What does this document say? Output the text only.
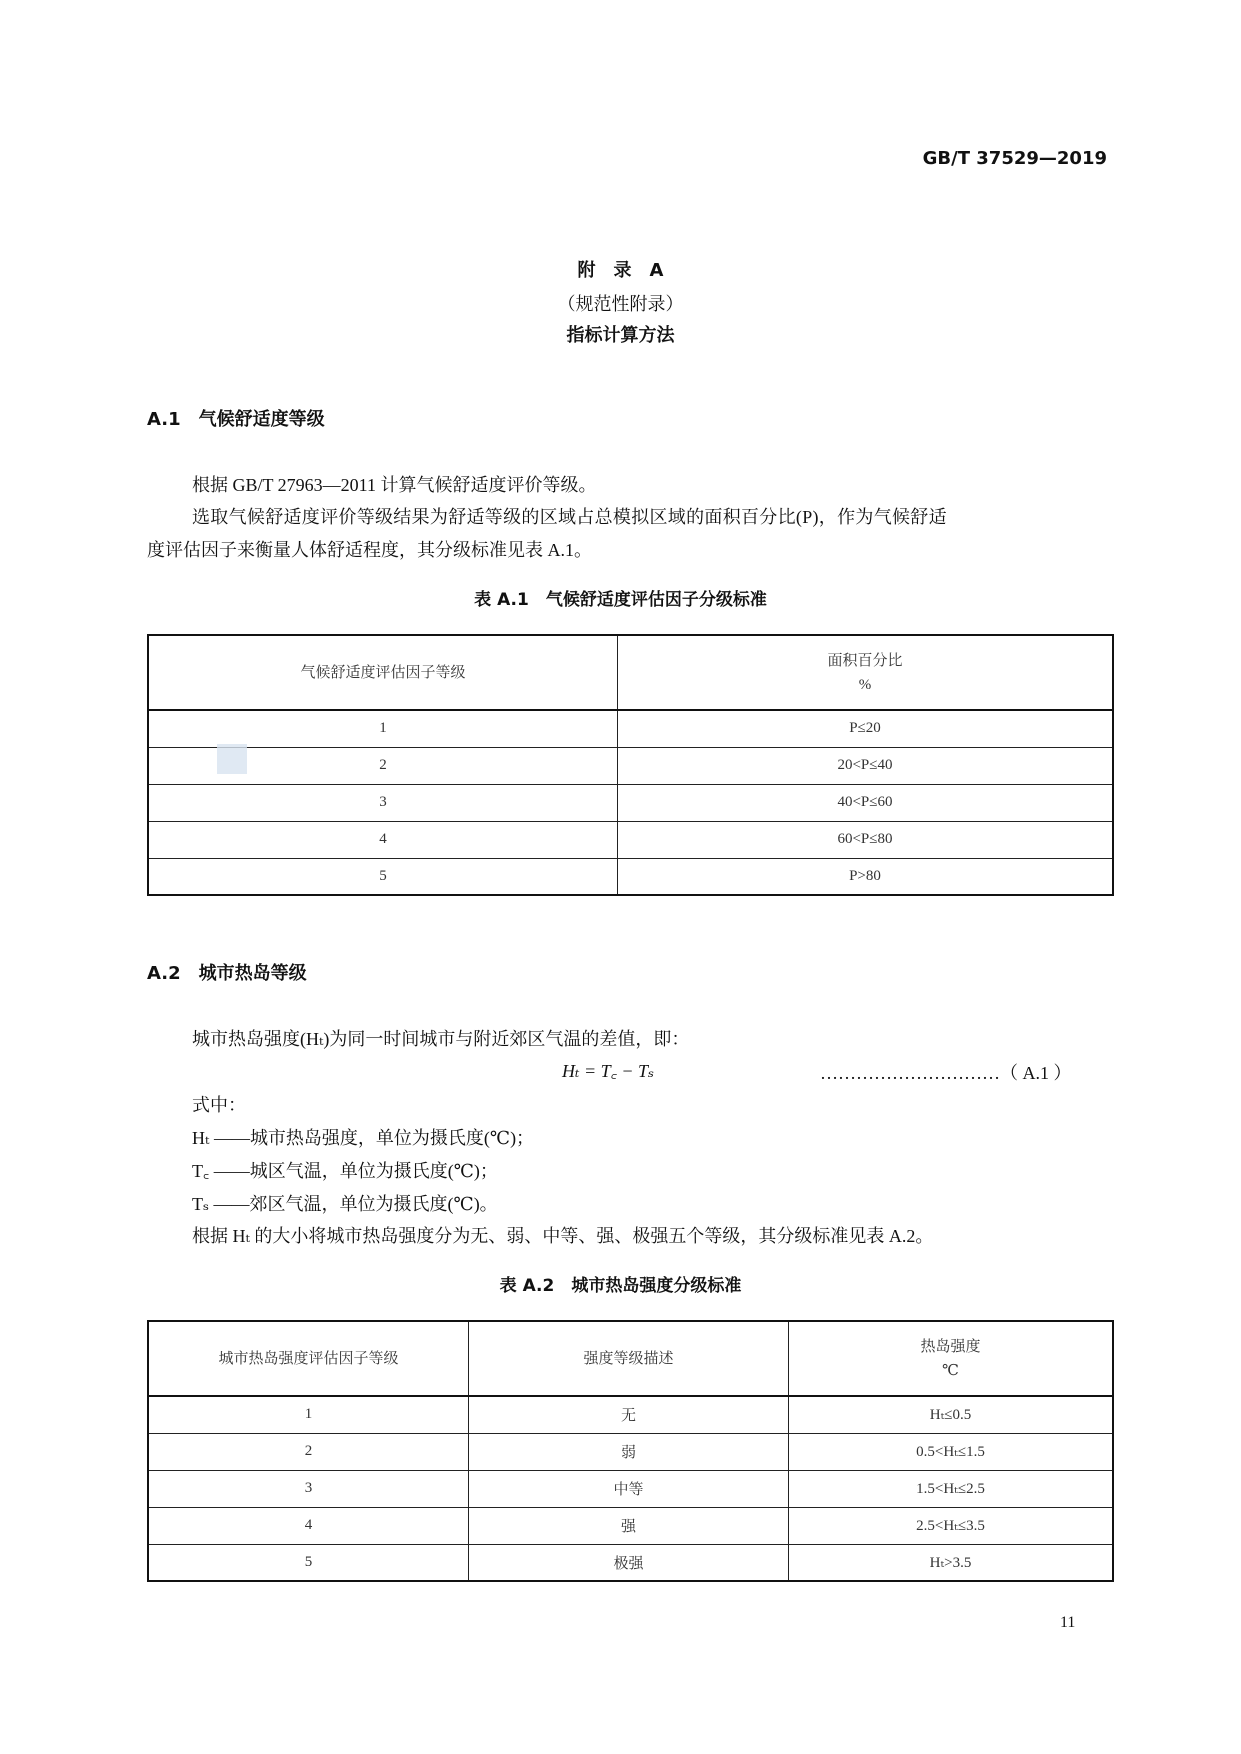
GB/T 37529—2019
附　录　A
（规范性附录）
指标计算方法
A.1　气候舒适度等级
根据 GB/T 27963—2011 计算气候舒适度评价等级。
选取气候舒适度评价等级结果为舒适等级的区域占总模拟区域的面积百分比(P)，作为气候舒适
度评估因子来衡量人体舒适程度，其分级标准见表 A.1。
表 A.1　气候舒适度评估因子分级标准
气候舒适度评估因子等级	面积百分比
%

1	P≤20
2	20<P≤40
3	40<P≤60
4	60<P≤80
5	P>80
A.2　城市热岛等级
城市热岛强度(Hₜ)为同一时间城市与附近郊区气温的差值，即：
Hₜ = T꜀ − Tₛ	…………………………（ A.1 ）
式中：
Hₜ ——城市热岛强度，单位为摄氏度(℃)；
T꜀ ——城区气温，单位为摄氏度(℃)；
Tₛ ——郊区气温，单位为摄氏度(℃)。
根据 Hₜ 的大小将城市热岛强度分为无、弱、中等、强、极强五个等级，其分级标准见表 A.2。
表 A.2　城市热岛强度分级标准
城市热岛强度评估因子等级	强度等级描述	热岛强度
℃

1	无	Hₜ≤0.5
2	弱	0.5<Hₜ≤1.5
3	中等	1.5<Hₜ≤2.5
4	强	2.5<Hₜ≤3.5
5	极强	Hₜ>3.5
11
